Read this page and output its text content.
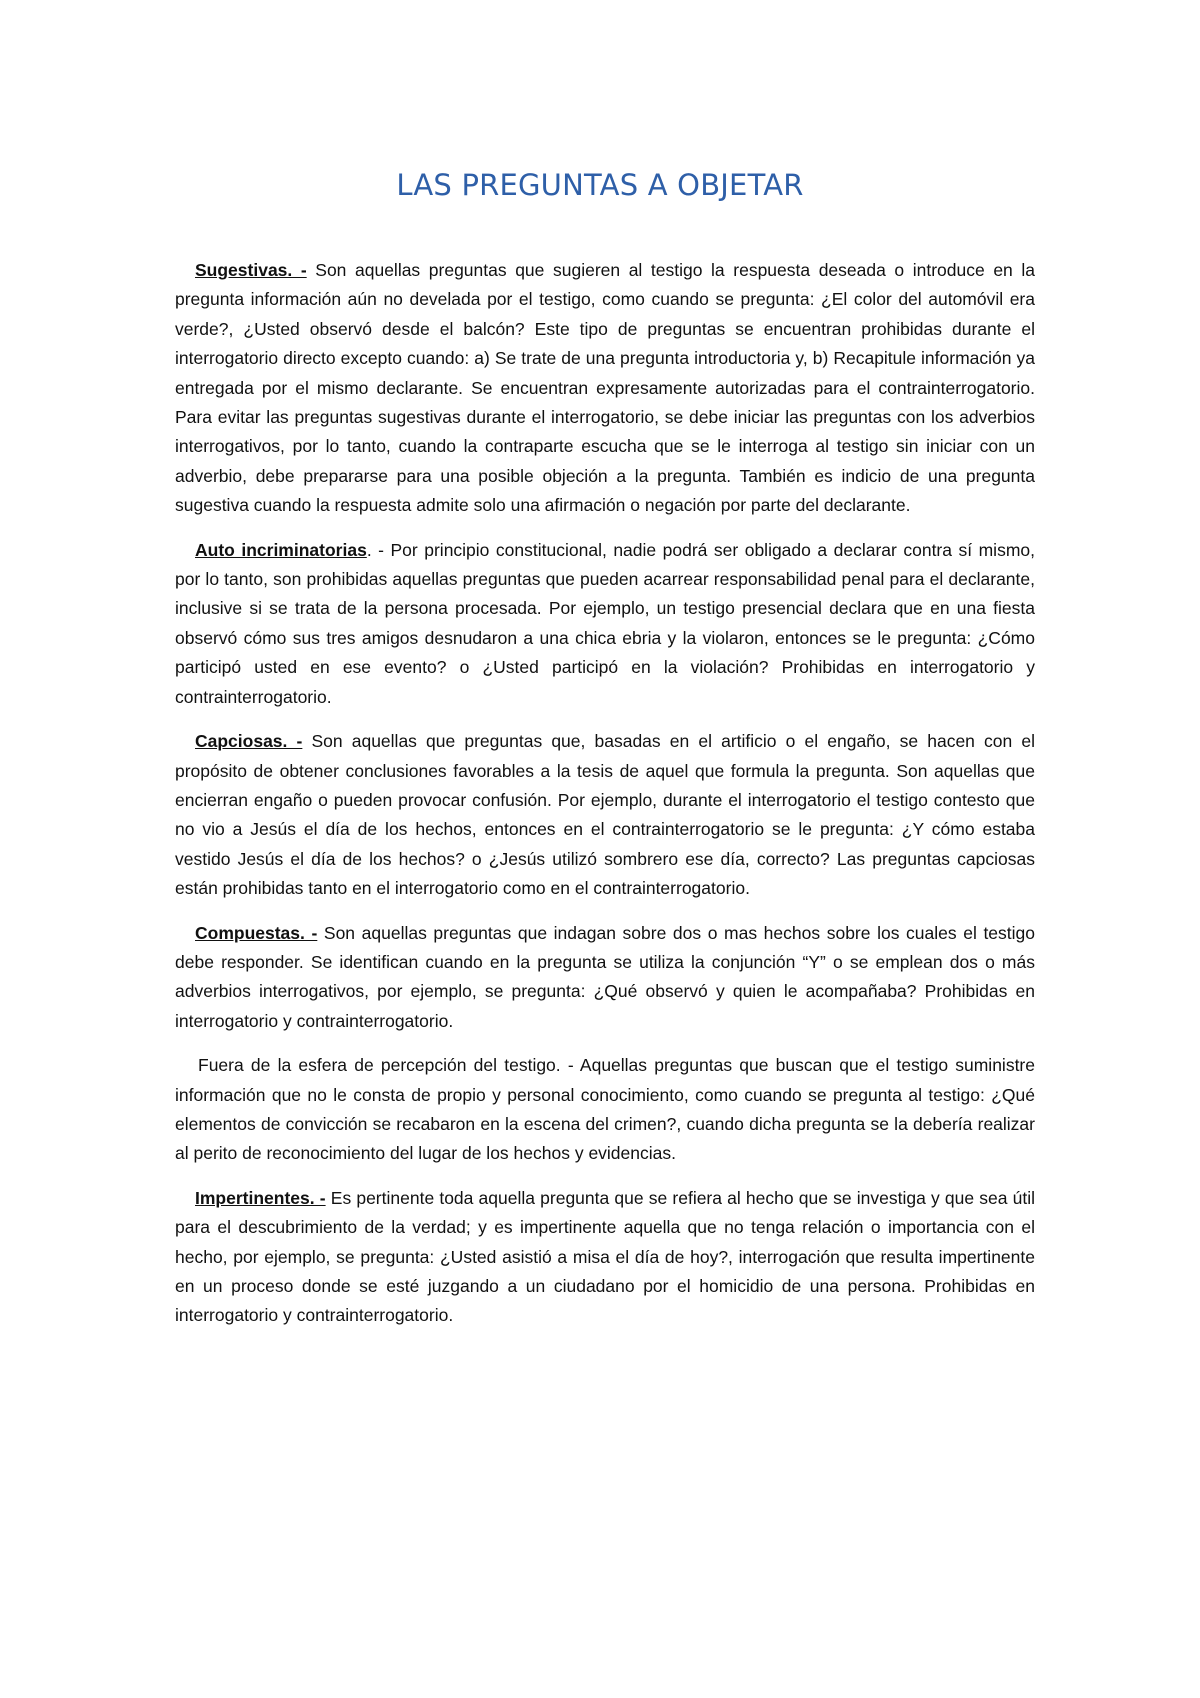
LAS PREGUNTAS A OBJETAR

Sugestivas. - Son aquellas preguntas que sugieren al testigo la respuesta deseada o introduce en la pregunta información aún no develada por el testigo, como cuando se pregunta: ¿El color del automóvil era verde?, ¿Usted observó desde el balcón? Este tipo de preguntas se encuentran prohibidas durante el interrogatorio directo excepto cuando: a) Se trate de una pregunta introductoria y, b) Recapitule información ya entregada por el mismo declarante. Se encuentran expresamente autorizadas para el contrainterrogatorio. Para evitar las preguntas sugestivas durante el interrogatorio, se debe iniciar las preguntas con los adverbios interrogativos, por lo tanto, cuando la contraparte escucha que se le interroga al testigo sin iniciar con un adverbio, debe prepararse para una posible objeción a la pregunta. También es indicio de una pregunta sugestiva cuando la respuesta admite solo una afirmación o negación por parte del declarante.

Auto incriminatorias. - Por principio constitucional, nadie podrá ser obligado a declarar contra sí mismo, por lo tanto, son prohibidas aquellas preguntas que pueden acarrear responsabilidad penal para el declarante, inclusive si se trata de la persona procesada. Por ejemplo, un testigo presencial declara que en una fiesta observó cómo sus tres amigos desnudaron a una chica ebria y la violaron, entonces se le pregunta: ¿Cómo participó usted en ese evento? o ¿Usted participó en la violación? Prohibidas en interrogatorio y contrainterrogatorio.

Capciosas. - Son aquellas que preguntas que, basadas en el artificio o el engaño, se hacen con el propósito de obtener conclusiones favorables a la tesis de aquel que formula la pregunta. Son aquellas que encierran engaño o pueden provocar confusión. Por ejemplo, durante el interrogatorio el testigo contesto que no vio a Jesús el día de los hechos, entonces en el contrainterrogatorio se le pregunta: ¿Y cómo estaba vestido Jesús el día de los hechos? o ¿Jesús utilizó sombrero ese día, correcto? Las preguntas capciosas están prohibidas tanto en el interrogatorio como en el contrainterrogatorio.

Compuestas. - Son aquellas preguntas que indagan sobre dos o mas hechos sobre los cuales el testigo debe responder. Se identifican cuando en la pregunta se utiliza la conjunción “Y” o se emplean dos o más adverbios interrogativos, por ejemplo, se pregunta: ¿Qué observó y quien le acompañaba? Prohibidas en interrogatorio y contrainterrogatorio.

Fuera de la esfera de percepción del testigo. - Aquellas preguntas que buscan que el testigo suministre información que no le consta de propio y personal conocimiento, como cuando se pregunta al testigo: ¿Qué elementos de convicción se recabaron en la escena del crimen?, cuando dicha pregunta se la debería realizar al perito de reconocimiento del lugar de los hechos y evidencias.

Impertinentes. - Es pertinente toda aquella pregunta que se refiera al hecho que se investiga y que sea útil para el descubrimiento de la verdad; y es impertinente aquella que no tenga relación o importancia con el hecho, por ejemplo, se pregunta: ¿Usted asistió a misa el día de hoy?, interrogación que resulta impertinente en un proceso donde se esté juzgando a un ciudadano por el homicidio de una persona. Prohibidas en interrogatorio y contrainterrogatorio.
